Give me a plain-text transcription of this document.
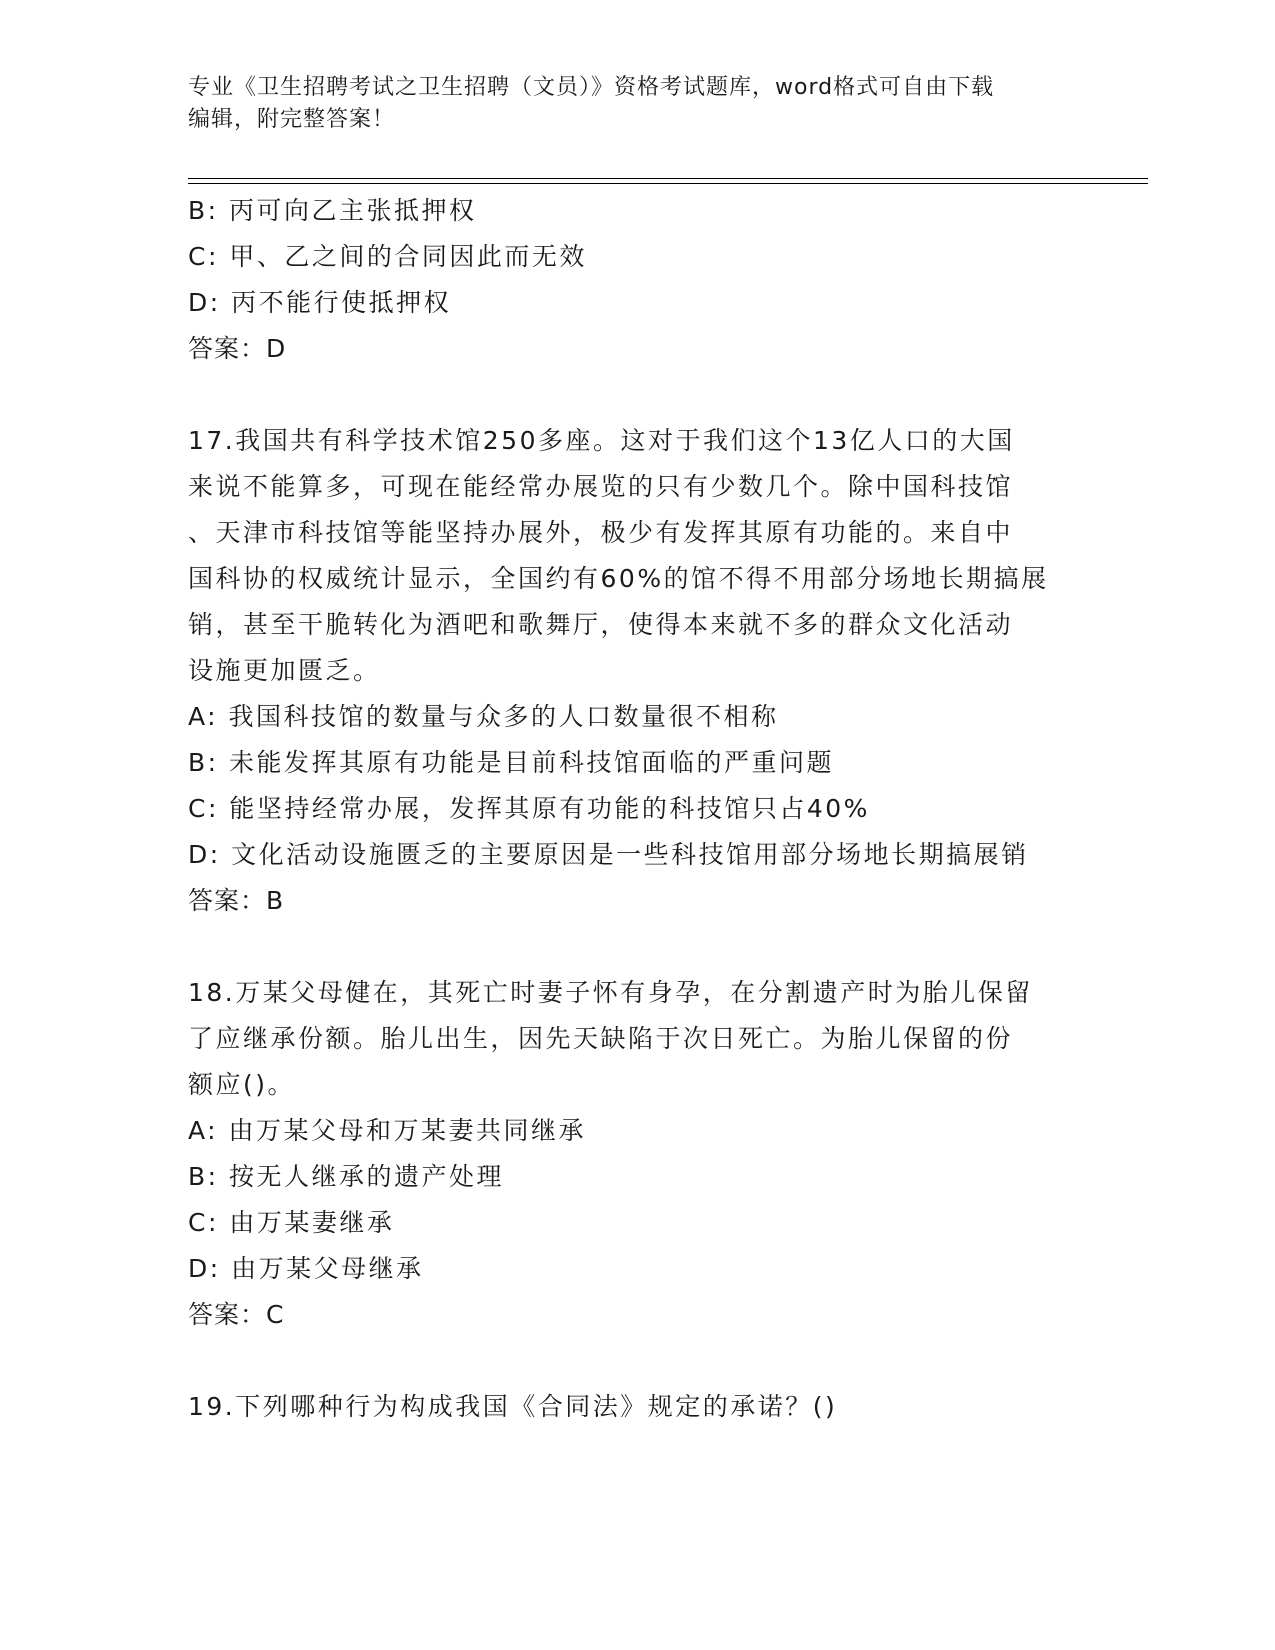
专业《卫生招聘考试之卫生招聘（文员）》资格考试题库，word格式可自由下载
编辑，附完整答案！
B: 丙可向乙主张抵押权
C: 甲、乙之间的合同因此而无效
D: 丙不能行使抵押权
答案：D
17.我国共有科学技术馆250多座。这对于我们这个13亿人口的大国
来说不能算多，可现在能经常办展览的只有少数几个。除中国科技馆
、天津市科技馆等能坚持办展外，极少有发挥其原有功能的。来自中
国科协的权威统计显示，全国约有60%的馆不得不用部分场地长期搞展
销，甚至干脆转化为酒吧和歌舞厅，使得本来就不多的群众文化活动
设施更加匮乏。
A: 我国科技馆的数量与众多的人口数量很不相称
B: 未能发挥其原有功能是目前科技馆面临的严重问题
C: 能坚持经常办展，发挥其原有功能的科技馆只占40%
D: 文化活动设施匮乏的主要原因是一些科技馆用部分场地长期搞展销
答案：B
18.万某父母健在，其死亡时妻子怀有身孕，在分割遗产时为胎儿保留
了应继承份额。胎儿出生，因先天缺陷于次日死亡。为胎儿保留的份
额应()。
A: 由万某父母和万某妻共同继承
B: 按无人继承的遗产处理
C: 由万某妻继承
D: 由万某父母继承
答案：C
19.下列哪种行为构成我国《合同法》规定的承诺？()
